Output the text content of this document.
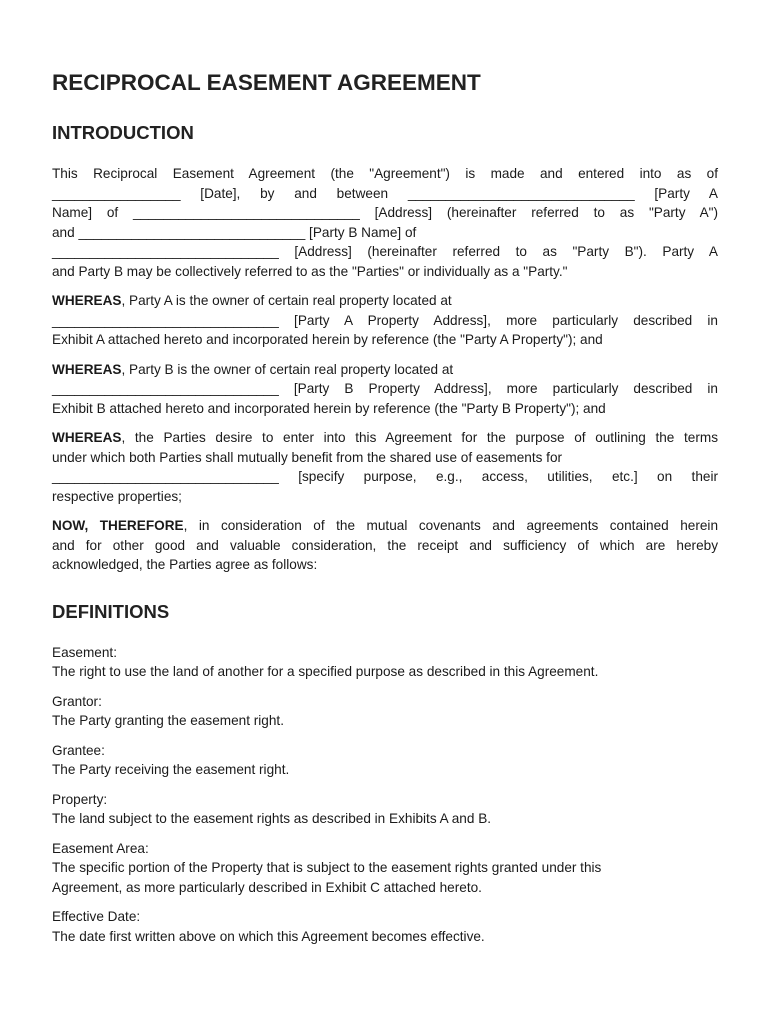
RECIPROCAL EASEMENT AGREEMENT
INTRODUCTION
This Reciprocal Easement Agreement (the "Agreement") is made and entered into as of
_________________ [Date], by and between ______________________________ [Party A
Name] of ______________________________ [Address] (hereinafter referred to as "Party A")
and ______________________________ [Party B Name] of
______________________________ [Address] (hereinafter referred to as "Party B"). Party A
and Party B may be collectively referred to as the "Parties" or individually as a "Party."
WHEREAS, Party A is the owner of certain real property located at
______________________________ [Party A Property Address], more particularly described in
Exhibit A attached hereto and incorporated herein by reference (the "Party A Property"); and
WHEREAS, Party B is the owner of certain real property located at
______________________________ [Party B Property Address], more particularly described in
Exhibit B attached hereto and incorporated herein by reference (the "Party B Property"); and
WHEREAS, the Parties desire to enter into this Agreement for the purpose of outlining the terms
under which both Parties shall mutually benefit from the shared use of easements for
______________________________ [specify purpose, e.g., access, utilities, etc.] on their
respective properties;
NOW, THEREFORE, in consideration of the mutual covenants and agreements contained herein
and for other good and valuable consideration, the receipt and sufficiency of which are hereby
acknowledged, the Parties agree as follows:
DEFINITIONS
Easement:
The right to use the land of another for a specified purpose as described in this Agreement.
Grantor:
The Party granting the easement right.
Grantee:
The Party receiving the easement right.
Property:
The land subject to the easement rights as described in Exhibits A and B.
Easement Area:
The specific portion of the Property that is subject to the easement rights granted under this
Agreement, as more particularly described in Exhibit C attached hereto.
Effective Date:
The date first written above on which this Agreement becomes effective.
